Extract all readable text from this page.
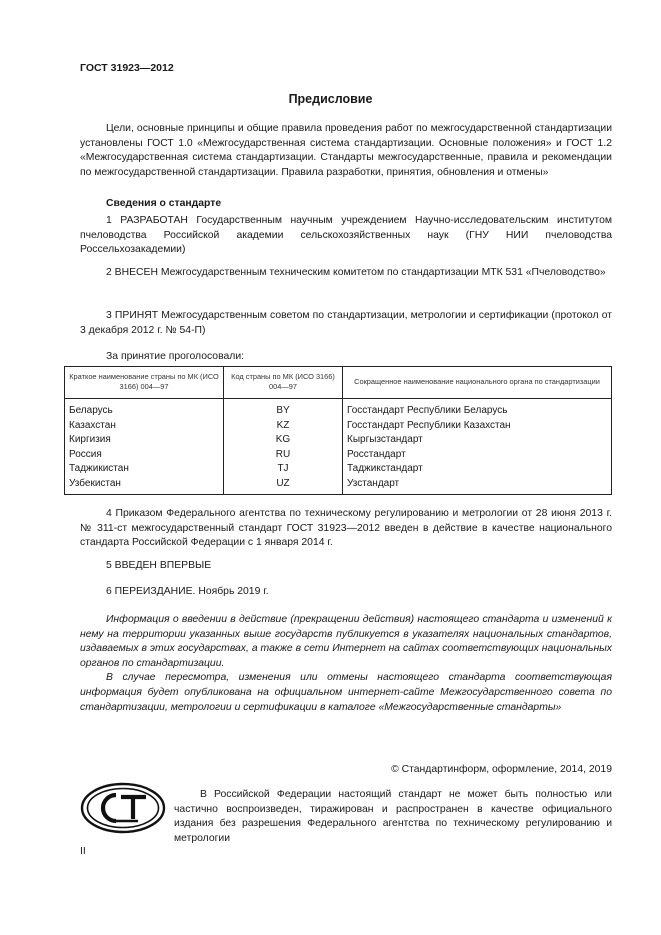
ГОСТ 31923—2012
Предисловие

Цели, основные принципы и общие правила проведения работ по межгосударственной стандартизации установлены ГОСТ 1.0 «Межгосударственная система стандартизации. Основные положения» и ГОСТ 1.2 «Межгосударственная система стандартизации. Стандарты межгосударственные, правила и рекомендации по межгосударственной стандартизации. Правила разработки, принятия, обновления и отмены»

Сведения о стандарте

1 РАЗРАБОТАН Государственным научным учреждением Научно-исследовательским институтом пчеловодства Российской академии сельскохозяйственных наук (ГНУ НИИ пчеловодства Россельхозакадемии)

2 ВНЕСЕН Межгосударственным техническим комитетом по стандартизации МТК 531 «Пчеловодство»

3 ПРИНЯТ Межгосударственным советом по стандартизации, метрологии и сертификации (протокол от 3 декабря 2012 г. № 54-П)

За принятие проголосовали:
Краткое наименование страны по МК (ИСО 3166) 004—97	Код страны по МК (ИСО 3166) 004—97	Сокращенное наименование национального органа по стандартизации
Беларусь	BY	Госстандарт Республики Беларусь
Казахстан	KZ	Госстандарт Республики Казахстан
Киргизия	KG	Кыргызстандарт
Россия	RU	Росстандарт
Таджикистан	TJ	Таджикстандарт
Узбекистан	UZ	Узстандарт

4 Приказом Федерального агентства по техническому регулированию и метрологии от 28 июня 2013 г. № 311-ст межгосударственный стандарт ГОСТ 31923—2012 введен в действие в качестве национального стандарта Российской Федерации с 1 января 2014 г.

5 ВВЕДЕН ВПЕРВЫЕ

6 ПЕРЕИЗДАНИЕ. Ноябрь 2019 г.

Информация о введении в действие (прекращении действия) настоящего стандарта и изменений к нему на территории указанных выше государств публикуется в указателях национальных стандартов, издаваемых в этих государствах, а также в сети Интернет на сайтах соответствующих национальных органов по стандартизации.

В случае пересмотра, изменения или отмены настоящего стандарта соответствующая информация будет опубликована на официальном интернет-сайте Межгосударственного совета по стандартизации, метрологии и сертификации в каталоге «Межгосударственные стандарты»

© Стандартинформ, оформление, 2014, 2019
В Российской Федерации настоящий стандарт не может быть полностью или частично воспроизведен, тиражирован и распространен в качестве официального издания без разрешения Федерального агентства по техническому регулированию и метрологии
II
